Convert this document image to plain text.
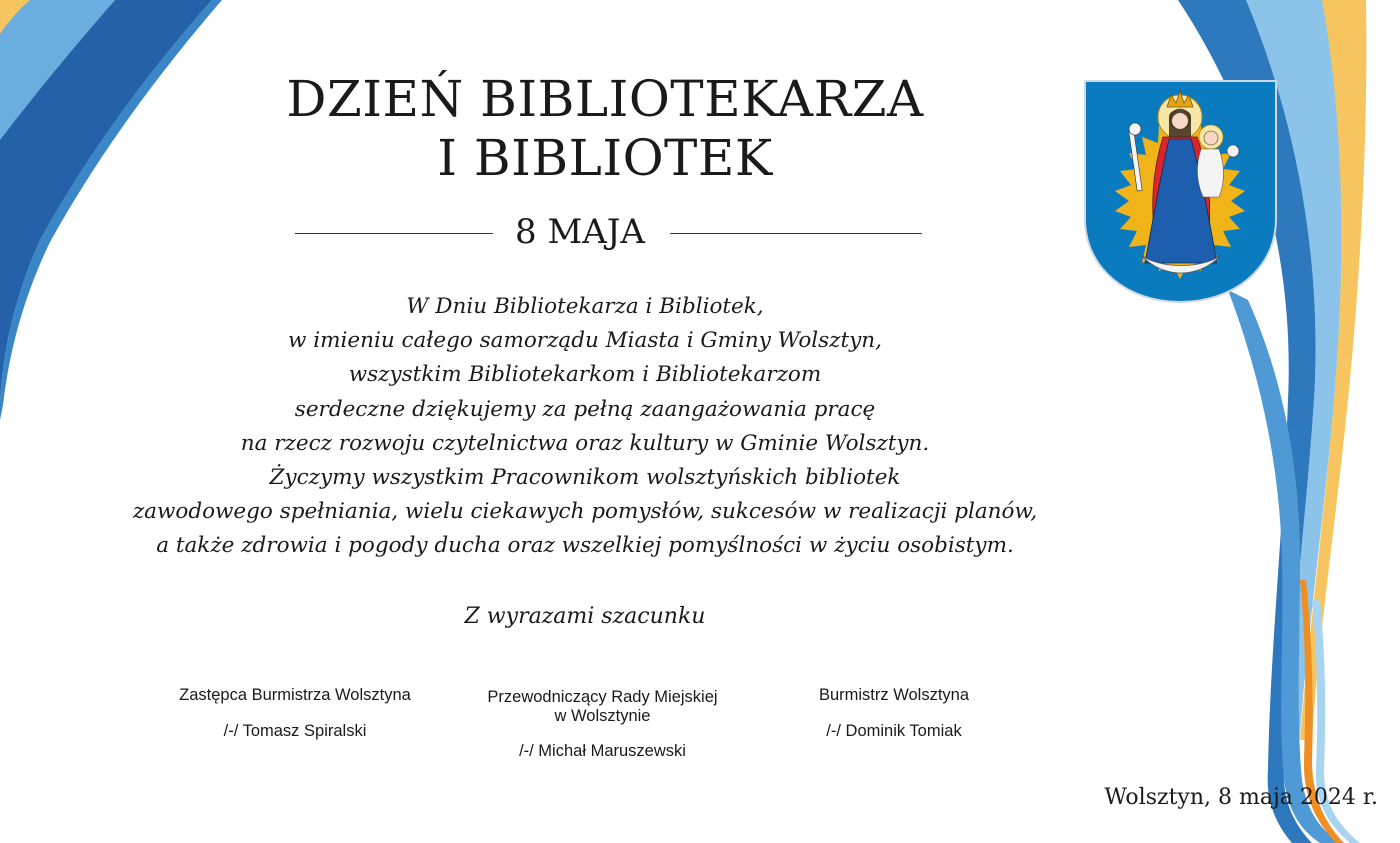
DZIEŃ BIBLIOTEKARZA
I BIBLIOTEK
8 MAJA
W Dniu Bibliotekarza i Bibliotek,
w imieniu całego samorządu Miasta i Gminy Wolsztyn,
wszystkim Bibliotekarkom i Bibliotekarzom
serdeczne dziękujemy za pełną zaangażowania pracę
na rzecz rozwoju czytelnictwa oraz kultury w Gminie Wolsztyn.
Życzymy wszystkim Pracownikom wolsztyńskich bibliotek
zawodowego spełniania, wielu ciekawych pomysłów, sukcesów w realizacji planów,
a także zdrowia i pogody ducha oraz wszelkiej pomyślności w życiu osobistym.
Z wyrazami szacunku
Zastępca Burmistrza Wolsztyna
/-/ Tomasz Spiralski
Przewodniczący Rady Miejskiej
w Wolsztynie
/-/ Michał Maruszewski
Burmistrz Wolsztyna
/-/ Dominik Tomiak
Wolsztyn, 8 maja 2024 r.
